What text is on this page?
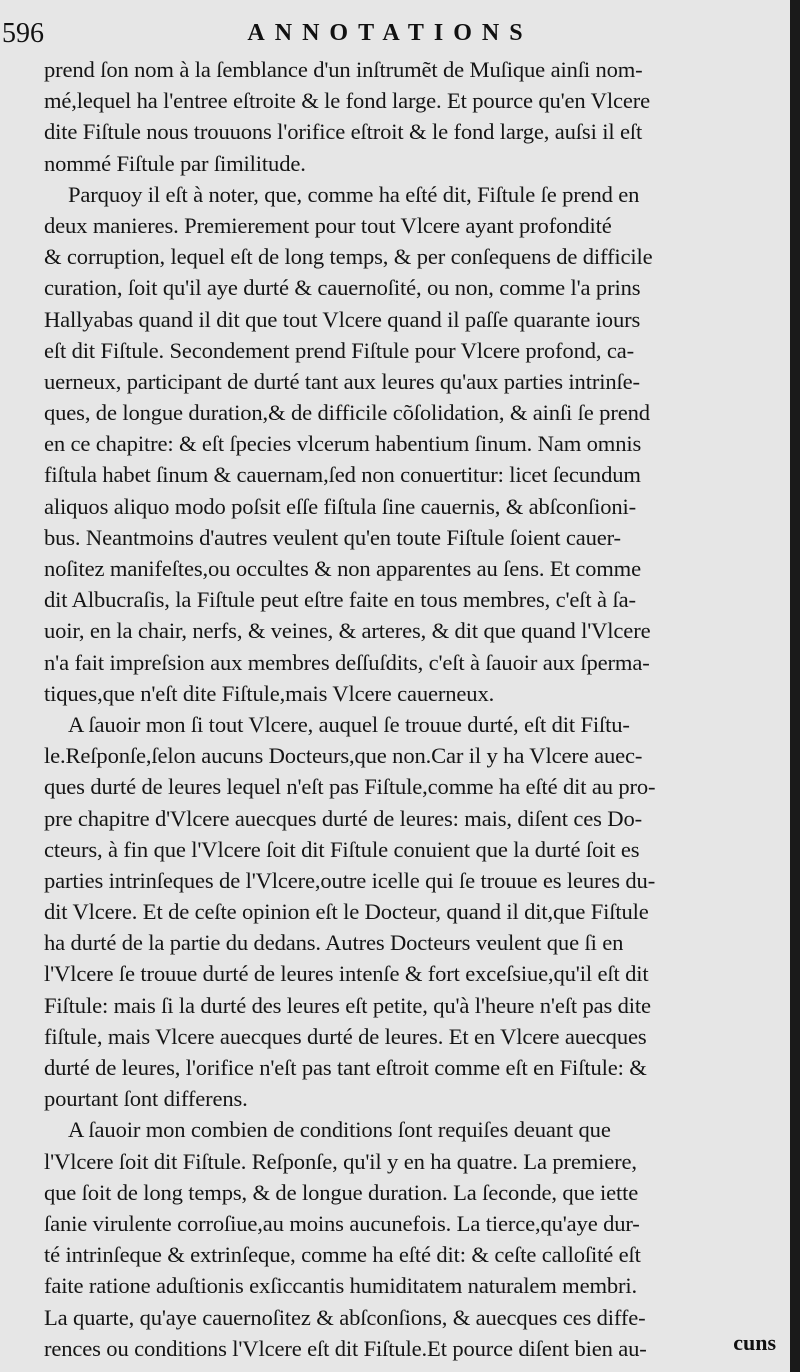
596	ANNOTATIONS
prend ſon nom à la ſemblance d'un inſtrumẽt de Muſique ainſi nom-
mé,lequel ha l'entree eſtroite & le fond large. Et pource qu'en Vlcere
dite Fiſtule nous trouuons l'orifice eſtroit & le fond large, auſsi il eſt
nommé Fiſtule par ſimilitude.
Parquoy il eſt à noter, que, comme ha eſté dit, Fiſtule ſe prend en
deux manieres. Premierement pour tout Vlcere ayant profondité
& corruption, lequel eſt de long temps, & per conſequens de difficile
curation, ſoit qu'il aye durté & cauernoſité, ou non, comme l'a prins
Hallyabas quand il dit que tout Vlcere quand il paſſe quarante iours
eſt dit Fiſtule. Secondement prend Fiſtule pour Vlcere profond, ca-
uerneux, participant de durté tant aux leures qu'aux parties intrinſe-
ques, de longue duration,& de difficile cõſolidation, & ainſi ſe prend
en ce chapitre: & eſt ſpecies vlcerum habentium ſinum. Nam omnis
fiſtula habet ſinum & cauernam,ſed non conuertitur: licet ſecundum
aliquos aliquo modo poſsit eſſe fiſtula ſine cauernis, & abſconſioni-
bus. Neantmoins d'autres veulent qu'en toute Fiſtule ſoient cauer-
noſitez manifeſtes,ou occultes & non apparentes au ſens. Et comme
dit Albucraſis, la Fiſtule peut eſtre faite en tous membres, c'eſt à ſa-
uoir, en la chair, nerfs, & veines, & arteres, & dit que quand l'Vlcere
n'a fait impreſsion aux membres deſſuſdits, c'eſt à ſauoir aux ſperma-
tiques,que n'eſt dite Fiſtule,mais Vlcere cauerneux.
A ſauoir mon ſi tout Vlcere, auquel ſe trouue durté, eſt dit Fiſtu-
le.Reſponſe,ſelon aucuns Docteurs,que non.Car il y ha Vlcere auec-
ques durté de leures lequel n'eſt pas Fiſtule,comme ha eſté dit au pro-
pre chapitre d'Vlcere auecques durté de leures: mais, diſent ces Do-
cteurs, à fin que l'Vlcere ſoit dit Fiſtule conuient que la durté ſoit es
parties intrinſeques de l'Vlcere,outre icelle qui ſe trouue es leures du-
dit Vlcere. Et de ceſte opinion eſt le Docteur, quand il dit,que Fiſtule
ha durté de la partie du dedans. Autres Docteurs veulent que ſi en
l'Vlcere ſe trouue durté de leures intenſe & fort exceſsiue,qu'il eſt dit
Fiſtule: mais ſi la durté des leures eſt petite, qu'à l'heure n'eſt pas dite
fiſtule, mais Vlcere auecques durté de leures. Et en Vlcere auecques
durté de leures, l'orifice n'eſt pas tant eſtroit comme eſt en Fiſtule: &
pourtant ſont differens.
A ſauoir mon combien de conditions ſont requiſes deuant que
l'Vlcere ſoit dit Fiſtule. Reſponſe, qu'il y en ha quatre. La premiere,
que ſoit de long temps, & de longue duration. La ſeconde, que iette
ſanie virulente corroſiue,au moins aucunefois. La tierce,qu'aye dur-
té intrinſeque & extrinſeque, comme ha eſté dit: & ceſte calloſité eſt
faite ratione aduſtionis exſiccantis humiditatem naturalem membri.
La quarte, qu'aye cauernoſitez & abſconſions, & auecques ces diffe-
rences ou conditions l'Vlcere eſt dit Fiſtule.Et pource diſent bien au-	cuns
